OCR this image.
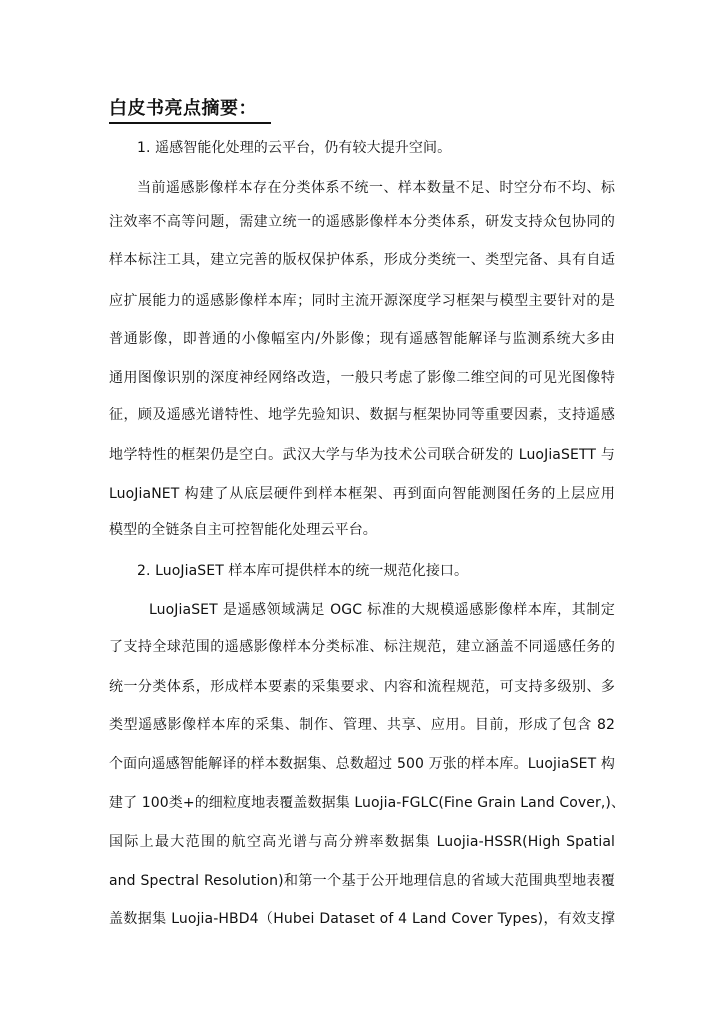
白皮书亮点摘要：
1. 遥感智能化处理的云平台，仍有较大提升空间。
当前遥感影像样本存在分类体系不统一、样本数量不足、时空分布不均、标
注效率不高等问题，需建立统一的遥感影像样本分类体系，研发支持众包协同的
样本标注工具，建立完善的版权保护体系，形成分类统一、类型完备、具有自适
应扩展能力的遥感影像样本库；同时主流开源深度学习框架与模型主要针对的是
普通影像，即普通的小像幅室内/外影像；现有遥感智能解译与监测系统大多由
通用图像识别的深度神经网络改造，一般只考虑了影像二维空间的可见光图像特
征，顾及遥感光谱特性、地学先验知识、数据与框架协同等重要因素，支持遥感
地学特性的框架仍是空白。武汉大学与华为技术公司联合研发的 LuoJiaSETT 与
LuoJiaNET 构建了从底层硬件到样本框架、再到面向智能测图任务的上层应用
模型的全链条自主可控智能化处理云平台。
2. LuoJiaSET 样本库可提供样本的统一规范化接口。
LuoJiaSET 是遥感领域满足 OGC 标准的大规模遥感影像样本库，其制定
了支持全球范围的遥感影像样本分类标准、标注规范，建立涵盖不同遥感任务的
统一分类体系，形成样本要素的采集要求、内容和流程规范，可支持多级别、多
类型遥感影像样本库的采集、制作、管理、共享、应用。目前，形成了包含 82
个面向遥感智能解译的样本数据集、总数超过 500 万张的样本库。LuojiaSET 构
建了 100类+的细粒度地表覆盖数据集 Luojia-FGLC(Fine Grain Land Cover,)、
国际上最大范围的航空高光谱与高分辨率数据集 Luojia-HSSR(High Spatial
and Spectral Resolution)和第一个基于公开地理信息的省域大范围典型地表覆
盖数据集 Luojia-HBD4（Hubei Dataset of 4 Land Cover Types)，有效支撑
